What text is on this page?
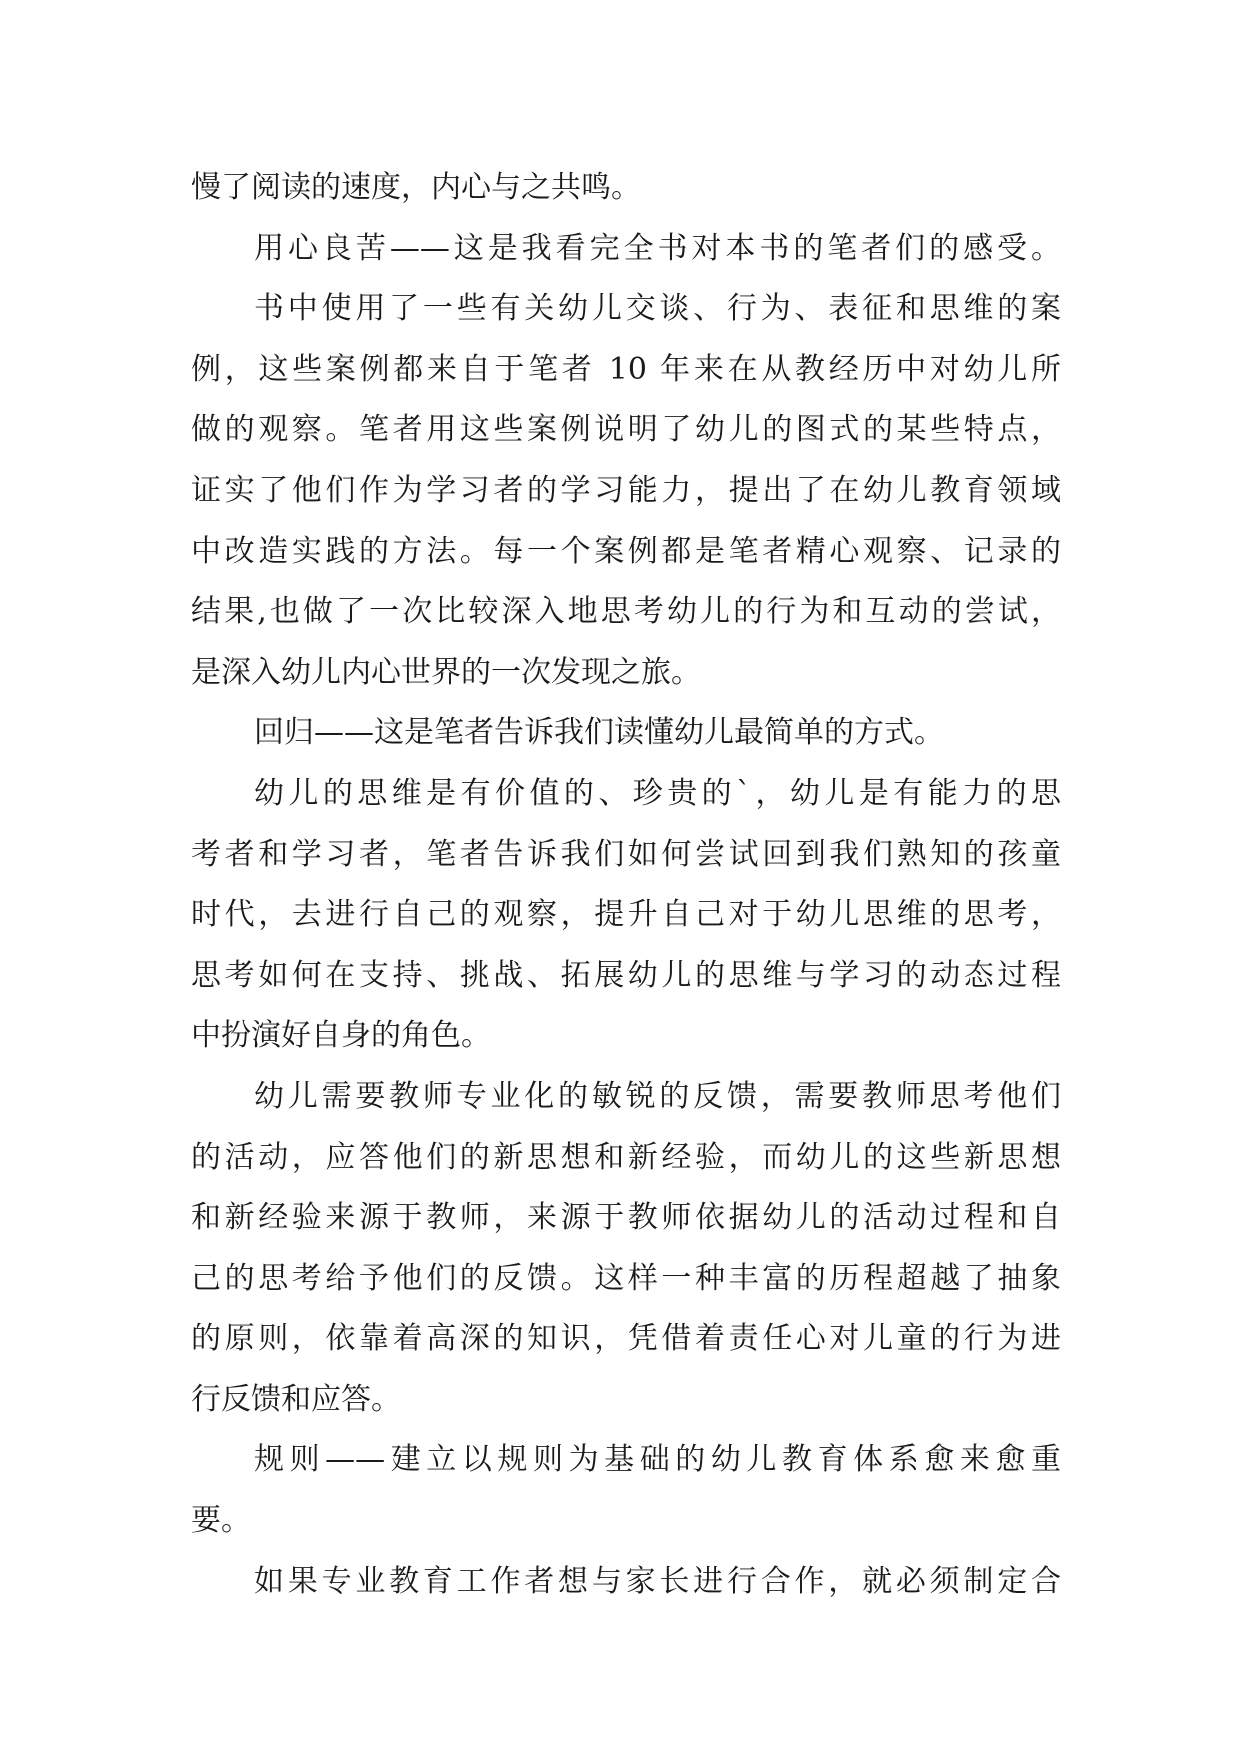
慢了阅读的速度，内心与之共鸣。
用心良苦——这是我看完全书对本书的笔者们的感受。
书中使用了一些有关幼儿交谈、行为、表征和思维的案
例，这些案例都来自于笔者 10 年来在从教经历中对幼儿所
做的观察。笔者用这些案例说明了幼儿的图式的某些特点，
证实了他们作为学习者的学习能力，提出了在幼儿教育领域
中改造实践的方法。每一个案例都是笔者精心观察、记录的
结果,也做了一次比较深入地思考幼儿的行为和互动的尝试，
是深入幼儿内心世界的一次发现之旅。
回归——这是笔者告诉我们读懂幼儿最简单的方式。
幼儿的思维是有价值的、珍贵的`，幼儿是有能力的思
考者和学习者，笔者告诉我们如何尝试回到我们熟知的孩童
时代，去进行自己的观察，提升自己对于幼儿思维的思考，
思考如何在支持、挑战、拓展幼儿的思维与学习的动态过程
中扮演好自身的角色。
幼儿需要教师专业化的敏锐的反馈，需要教师思考他们
的活动，应答他们的新思想和新经验，而幼儿的这些新思想
和新经验来源于教师，来源于教师依据幼儿的活动过程和自
己的思考给予他们的反馈。这样一种丰富的历程超越了抽象
的原则，依靠着高深的知识，凭借着责任心对儿童的行为进
行反馈和应答。
规则——建立以规则为基础的幼儿教育体系愈来愈重
要。
如果专业教育工作者想与家长进行合作，就必须制定合
